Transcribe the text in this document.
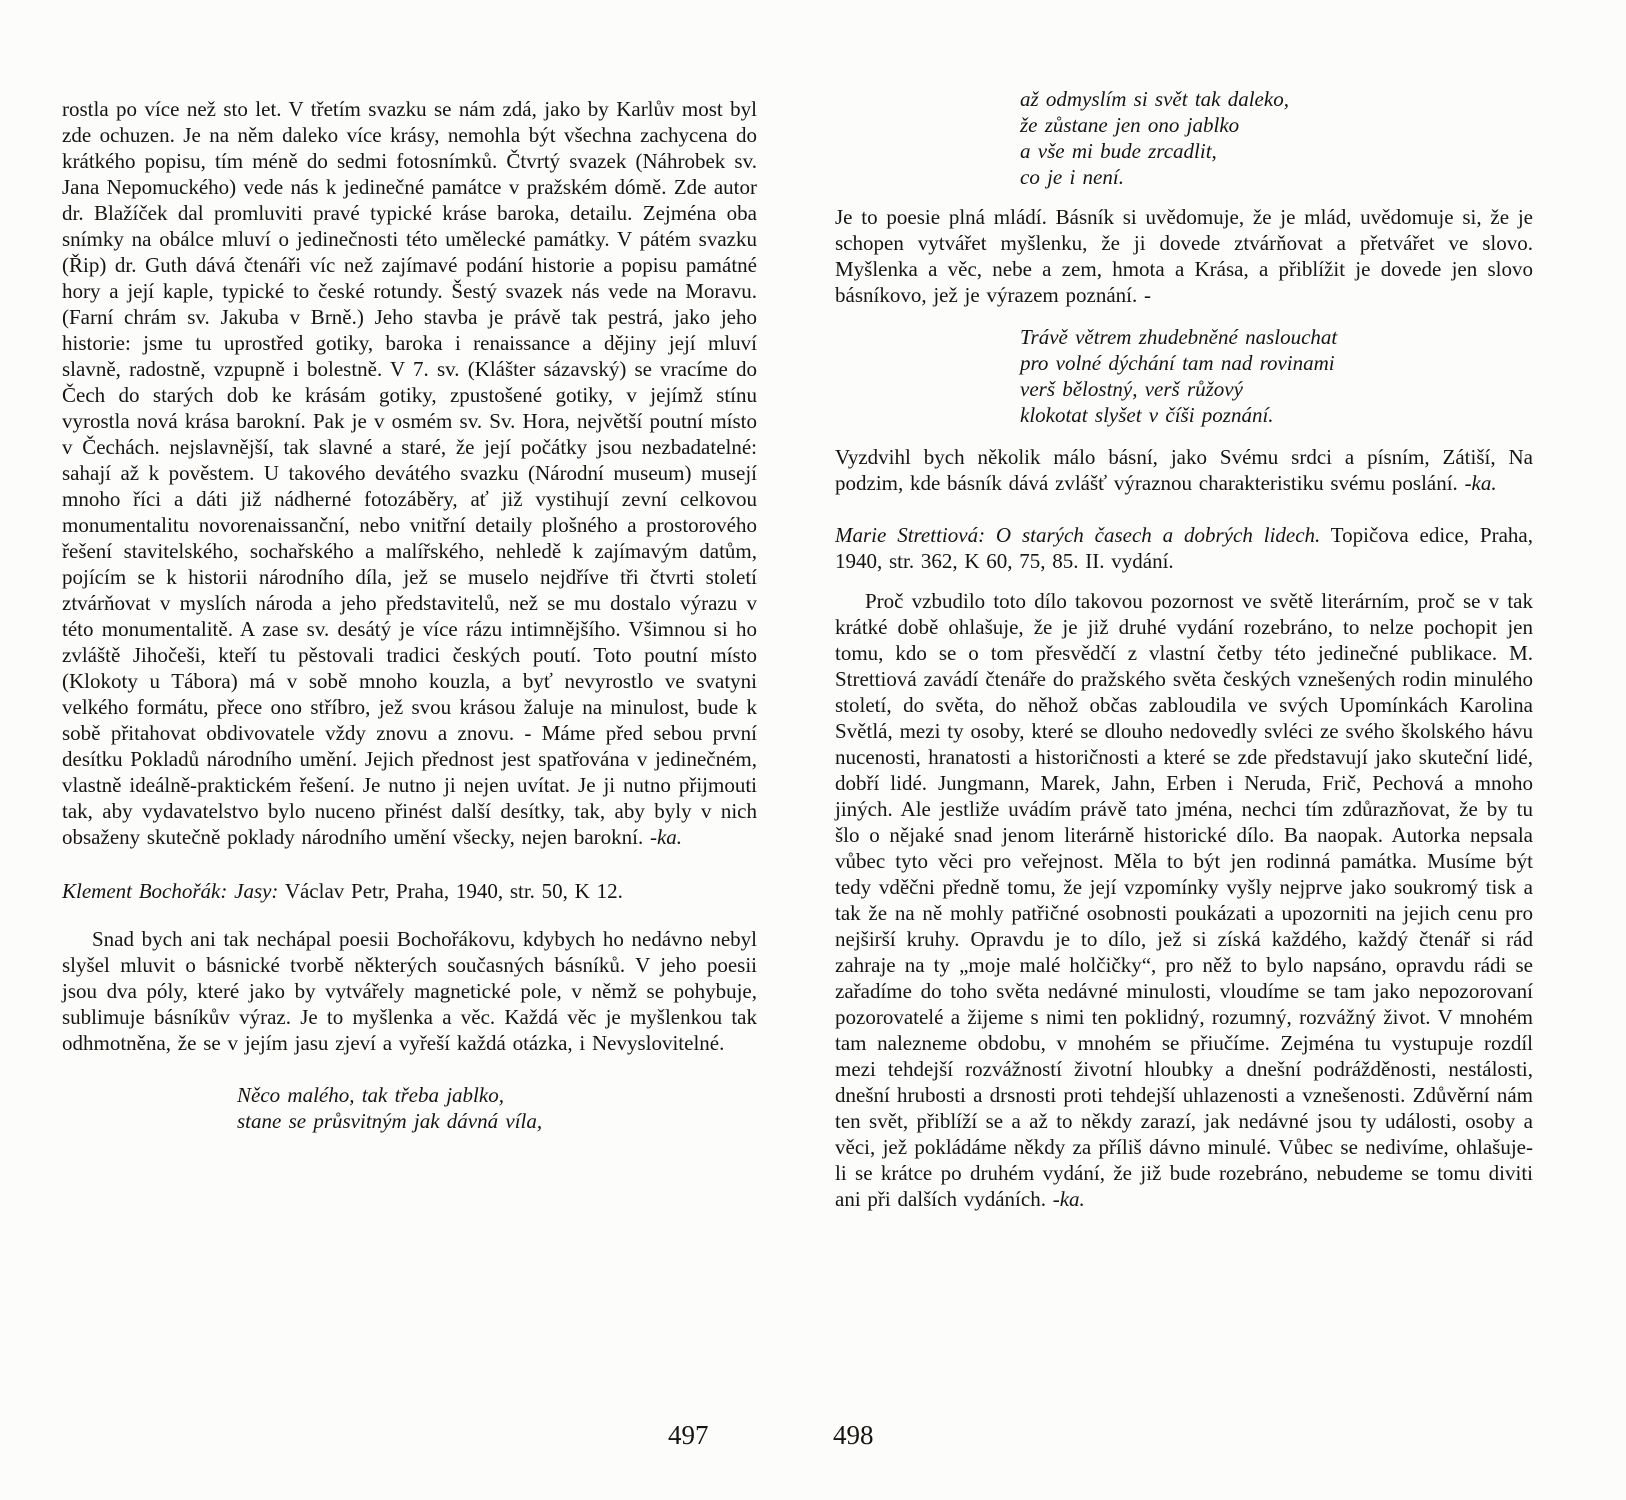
rostla po více než sto let. V třetím svazku se nám zdá, jako by Karlův most byl zde ochuzen. Je na něm daleko více krásy, nemohla být všechna zachycena do krátkého popisu, tím méně do sedmi fotosnímků. Čtvrtý svazek (Náhrobek sv. Jana Nepomuckého) vede nás k jedinečné památce v pražském dómě. Zde autor dr. Blažíček dal promluviti pravé typické kráse baroka, detailu. Zejména oba snímky na obálce mluví o jedinečnosti této umělecké památky. V pátém svazku (Řip) dr. Guth dává čtenáři víc než zajímavé podání historie a popisu památné hory a její kaple, typické to české rotundy. Šestý svazek nás vede na Moravu. (Farní chrám sv. Jakuba v Brně.) Jeho stavba je právě tak pestrá, jako jeho historie: jsme tu uprostřed gotiky, baroka i renaissance a dějiny její mluví slavně, radostně, vzpupně i bolestně. V 7. sv. (Klášter sázavský) se vracíme do Čech do starých dob ke krásám gotiky, zpustošené gotiky, v jejímž stínu vyrostla nová krása barokní. Pak je v osmém sv. Sv. Hora, největší poutní místo v Čechách. nejslavnější, tak slavné a staré, že její počátky jsou nezbadatelné: sahají až k pověstem. U takového devátého svazku (Národní museum) musejí mnoho říci a dáti již nádherné fotozáběry, ať již vystihují zevní celkovou monumentalitu novorenaissanční, nebo vnitřní detaily plošného a prostorového řešení stavitelského, sochařského a malířského, nehledě k zajímavým datům, pojícím se k historii národního díla, jež se muselo nejdříve tři čtvrti století ztvárňovat v myslích národa a jeho představitelů, než se mu dostalo výrazu v této monumentalitě. A zase sv. desátý je více rázu intimnějšího. Všimnou si ho zvláště Jihočeši, kteří tu pěstovali tradici českých poutí. Toto poutní místo (Klokoty u Tábora) má v sobě mnoho kouzla, a byť nevyrostlo ve svatyni velkého formátu, přece ono stříbro, jež svou krásou žaluje na minulost, bude k sobě přitahovat obdivovatele vždy znovu a znovu. - Máme před sebou první desítku Pokladů národního umění. Jejich přednost jest spatřována v jedinečném, vlastně ideálně-praktickém řešení. Je nutno ji nejen uvítat. Je ji nutno přijmouti tak, aby vydavatelstvo bylo nuceno přinést další desítky, tak, aby byly v nich obsaženy skutečně poklady národního umění všecky, nejen barokní. -ka.

Klement Bochořák: Jasy: Václav Petr, Praha, 1940, str. 50, K 12.

Snad bych ani tak nechápal poesii Bochořákovu, kdybych ho nedávno nebyl slyšel mluvit o básnické tvorbě některých současných básníků. V jeho poesii jsou dva póly, které jako by vytvářely magnetické pole, v němž se pohybuje, sublimuje básníkův výraz. Je to myšlenka a věc. Každá věc je myšlenkou tak odhmotněna, že se v jejím jasu zjeví a vyřeší každá otázka, i Nevyslovitelné.

Něco malého, tak třeba jablko,
stane se průsvitným jak dávná víla,
až odmyslím si svět tak daleko,
že zůstane jen ono jablko
a vše mi bude zrcadlit,
co je i není.

Je to poesie plná mládí. Básník si uvědomuje, že je mlád, uvědomuje si, že je schopen vytvářet myšlenku, že ji dovede ztvárňovat a přetvářet ve slovo. Myšlenka a věc, nebe a zem, hmota a Krása, a přiblížit je dovede jen slovo básníkovo, jež je výrazem poznání. -

Trávě větrem zhudebněné naslouchat
pro volné dýchání tam nad rovinami
verš bělostný, verš růžový
klokotat slyšet v číši poznání.

Vyzdvihl bych několik málo básní, jako Svému srdci a písním, Zátiší, Na podzim, kde básník dává zvlášť výraznou charakteristiku svému poslání. -ka.

Marie Strettiová: O starých časech a dobrých lidech. Topičova edice, Praha, 1940, str. 362, K 60, 75, 85. II. vydání.

Proč vzbudilo toto dílo takovou pozornost ve světě literárním, proč se v tak krátké době ohlašuje, že je již druhé vydání rozebráno, to nelze pochopit jen tomu, kdo se o tom přesvědčí z vlastní četby této jedinečné publikace. M. Strettiová zavádí čtenáře do pražského světa českých vznešených rodin minulého století, do světa, do něhož občas zabloudila ve svých Upomínkách Karolina Světlá, mezi ty osoby, které se dlouho nedovedly svléci ze svého školského hávu nucenosti, hranatosti a historičnosti a které se zde představují jako skuteční lidé, dobří lidé. Jungmann, Marek, Jahn, Erben i Neruda, Frič, Pechová a mnoho jiných. Ale jestliže uvádím právě tato jména, nechci tím zdůrazňovat, že by tu šlo o nějaké snad jenom literárně historické dílo. Ba naopak. Autorka nepsala vůbec tyto věci pro veřejnost. Měla to být jen rodinná památka. Musíme být tedy vděčni předně tomu, že její vzpomínky vyšly nejprve jako soukromý tisk a tak že na ně mohly patřičné osobnosti poukázati a upozorniti na jejich cenu pro nejširší kruhy. Opravdu je to dílo, jež si získá každého, každý čtenář si rád zahraje na ty „moje malé holčičky“, pro něž to bylo napsáno, opravdu rádi se zařadíme do toho světa nedávné minulosti, vloudíme se tam jako nepozorovaní pozorovatelé a žijeme s nimi ten poklidný, rozumný, rozvážný život. V mnohém tam nalezneme obdobu, v mnohém se přiučíme. Zejména tu vystupuje rozdíl mezi tehdejší rozvážností životní hloubky a dnešní podrážděnosti, nestálosti, dnešní hrubosti a drsnosti proti tehdejší uhlazenosti a vznešenosti. Zdůvěrní nám ten svět, přiblíží se a až to někdy zarazí, jak nedávné jsou ty události, osoby a věci, jež pokládáme někdy za příliš dávno minulé. Vůbec se nedivíme, ohlašuje-li se krátce po druhém vydání, že již bude rozebráno, nebudeme se tomu diviti ani při dalších vydáních. -ka.

497	498
